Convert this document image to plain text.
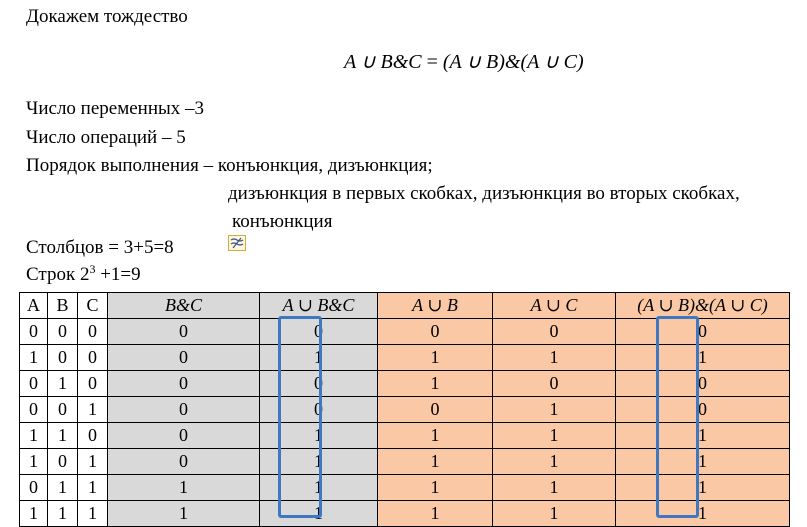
Докажем тождество
A ∪ B&C = (A ∪ B)&(A ∪ C)
Число переменных –3
Число операций – 5
Порядок выполнения – конъюнкция, дизъюнкция;
дизъюнкция в первых скобках, дизъюнкция во вторых скобках,
конъюнкция
Столбцов = 3+5=8
Строк $2^3 +1=9$
A	B	C	B&C	A ∪ B&C	A ∪ B	A ∪ C	(A ∪ B)&(A ∪ C)
0	0	0	0	0	0	0	0
1	0	0	0	1	1	1	1
0	1	0	0	0	1	0	0
0	0	1	0	0	0	1	0
1	1	0	0	1	1	1	1
1	0	1	0	1	1	1	1
0	1	1	1	1	1	1	1
1	1	1	1	1	1	1	1
